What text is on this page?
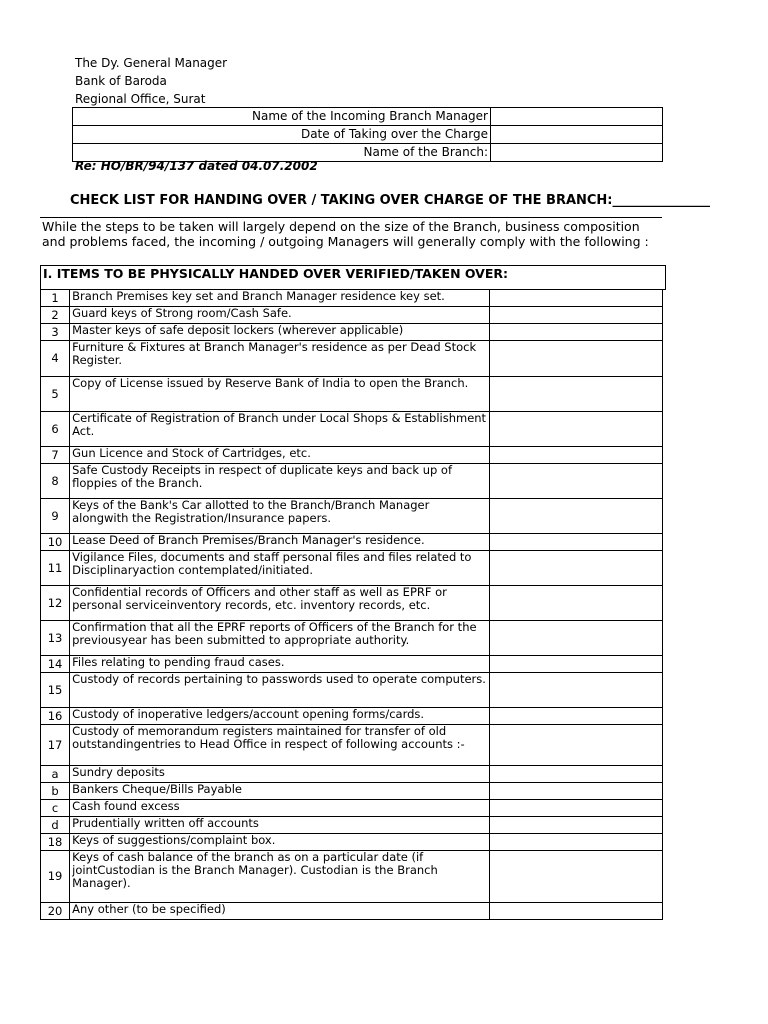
The Dy. General Manager
Bank of Baroda
Regional Office, Surat
Name of the Incoming Branch Manager	
Date of Taking over the Charge	
Name of the Branch:	
Re: HO/BR/94/137 dated 04.07.2002
CHECK LIST FOR HANDING OVER / TAKING OVER CHARGE OF THE BRANCH:_______________
While the steps to be taken will largely depend on the size of the Branch, business composition and problems faced, the incoming / outgoing Managers will generally comply with the following :
I. ITEMS TO BE PHYSICALLY HANDED OVER VERIFIED/TAKEN OVER:
1	Branch Premises key set and Branch Manager residence key set.	
2	Guard keys of Strong room/Cash Safe.	
3	Master keys of safe deposit lockers (wherever applicable)	
4	Furniture & Fixtures at Branch Manager's residence as per Dead Stock Register.	
5	Copy of License issued by Reserve Bank of India to open the Branch.	
6	Certificate of Registration of Branch under Local Shops & Establishment Act.	
7	Gun Licence and Stock of Cartridges, etc.	
8	Safe Custody Receipts in respect of duplicate keys and back up of floppies of the Branch.	
9	Keys of the Bank's Car allotted to the Branch/Branch Manager alongwith the Registration/Insurance papers.	
10	Lease Deed of Branch Premises/Branch Manager's residence.	
11	Vigilance Files, documents and staff personal files and files related to Disciplinaryaction contemplated/initiated.	
12	Confidential records of Officers and other staff as well as EPRF or personal serviceinventory records, etc. inventory records, etc.	
13	Confirmation that all the EPRF reports of Officers of the Branch for the previousyear has been submitted to appropriate authority.	
14	Files relating to pending fraud cases.	
15	Custody of records pertaining to passwords used to operate computers.	
16	Custody of inoperative ledgers/account opening forms/cards.	
17	Custody of memorandum registers maintained for transfer of old outstandingentries to Head Office in respect of following accounts :-	
a	Sundry deposits	
b	Bankers Cheque/Bills Payable	
c	Cash found excess	
d	Prudentially written off accounts	
18	Keys of suggestions/complaint box.	
19	Keys of cash balance of the branch as on a particular date (if jointCustodian is the Branch Manager). Custodian is the Branch Manager).	
20	Any other (to be specified)	
